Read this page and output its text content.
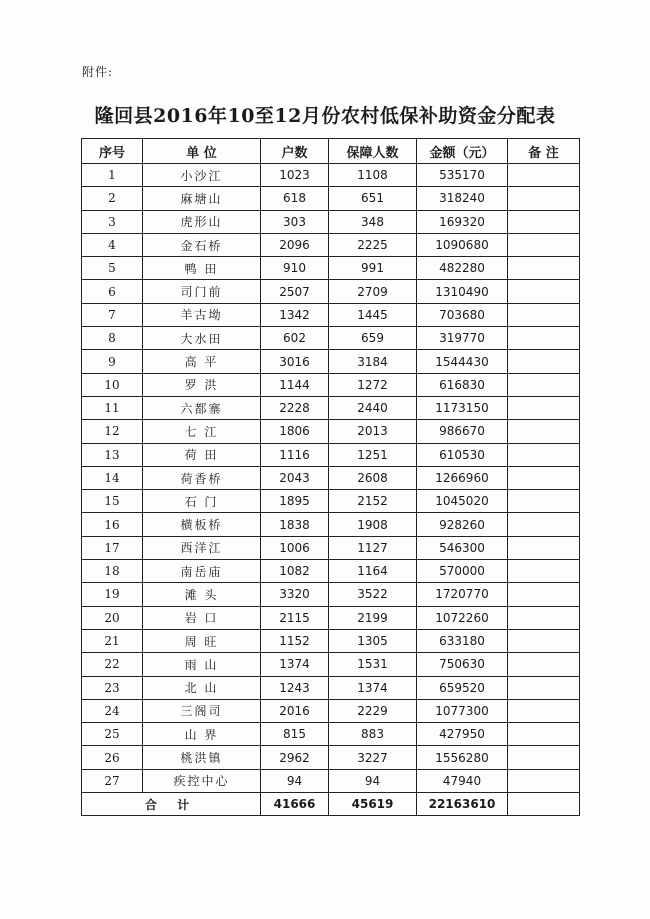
附件:
隆回县2016年10至12月份农村低保补助资金分配表
序号	单 位	户数	保障人数	金额（元）	备 注
1	小沙江	1023	1108	535170	
2	麻塘山	618	651	318240	
3	虎形山	303	348	169320	
4	金石桥	2096	2225	1090680	
5	鸭 田	910	991	482280	
6	司门前	2507	2709	1310490	
7	羊古坳	1342	1445	703680	
8	大水田	602	659	319770	
9	高 平	3016	3184	1544430	
10	罗 洪	1144	1272	616830	
11	六都寨	2228	2440	1173150	
12	七 江	1806	2013	986670	
13	荷 田	1116	1251	610530	
14	荷香桥	2043	2608	1266960	
15	石 门	1895	2152	1045020	
16	横板桥	1838	1908	928260	
17	西洋江	1006	1127	546300	
18	南岳庙	1082	1164	570000	
19	滩 头	3320	3522	1720770	
20	岩 口	2115	2199	1072260	
21	周 旺	1152	1305	633180	
22	雨 山	1374	1531	750630	
23	北 山	1243	1374	659520	
24	三阁司	2016	2229	1077300	
25	山 界	815	883	427950	
26	桃洪镇	2962	3227	1556280	
27	疾控中心	94	94	47940	
合 计		41666	45619	22163610	
